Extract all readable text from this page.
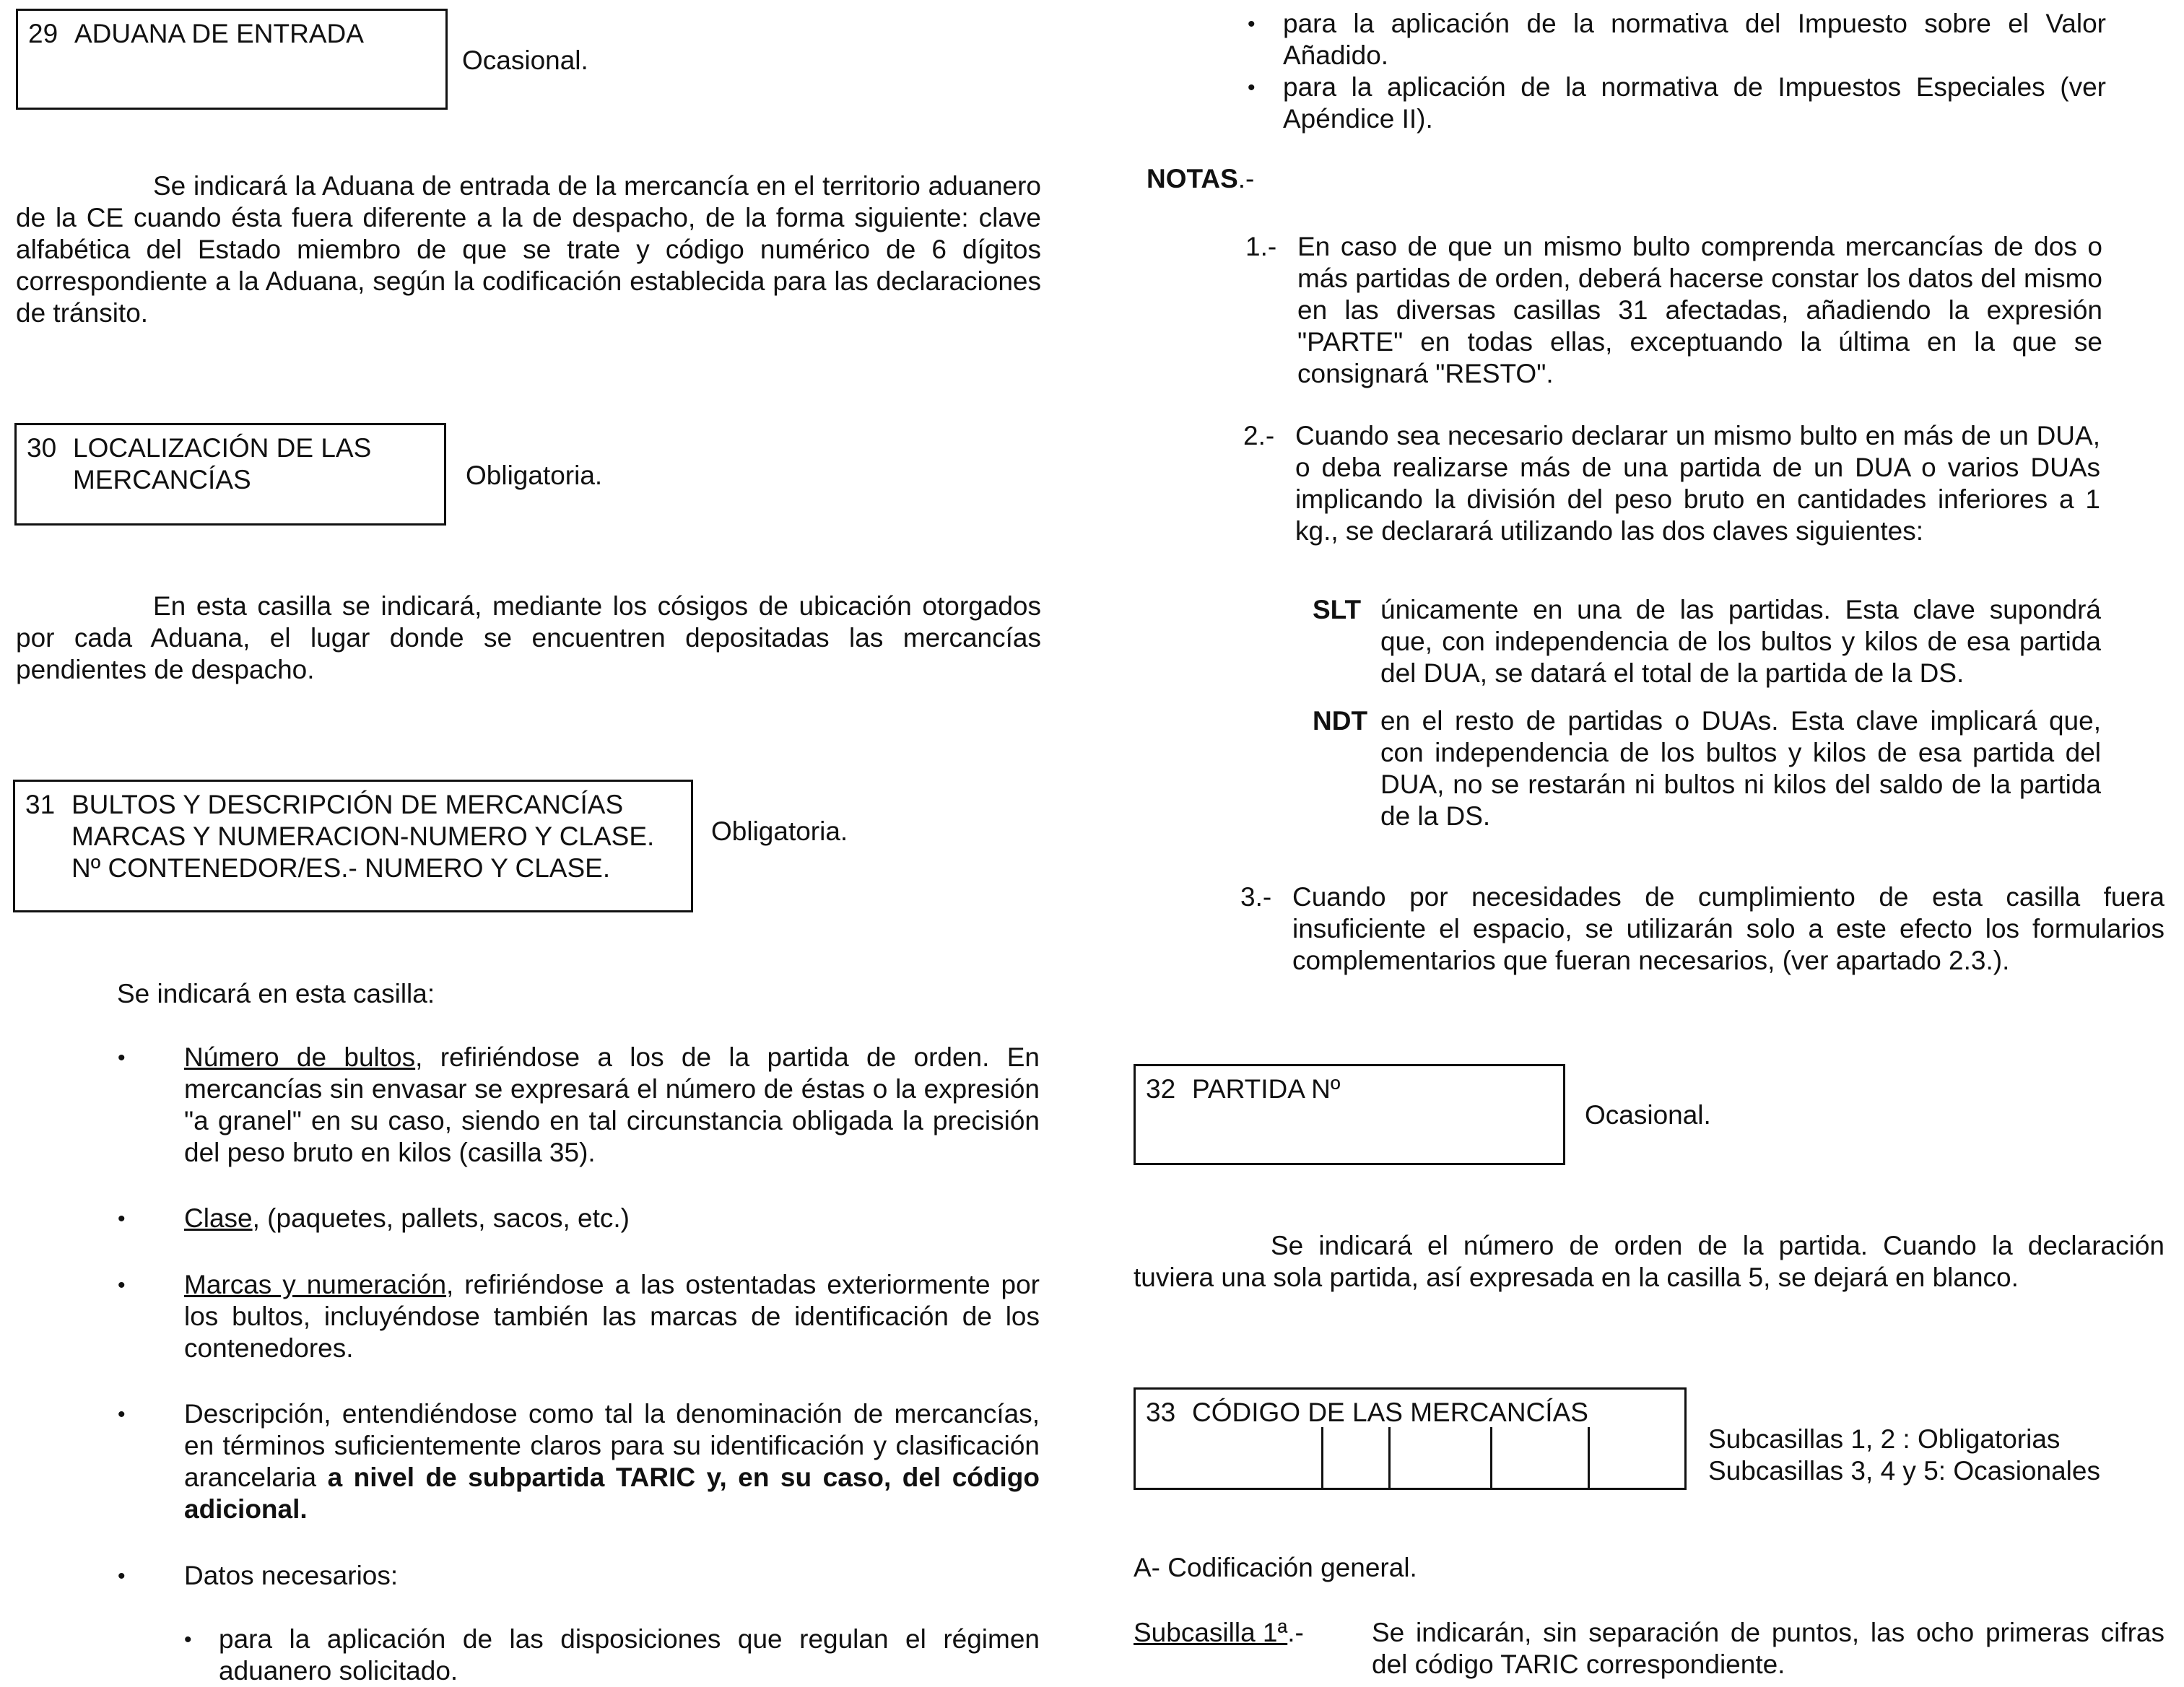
29 ADUANA DE ENTRADA
Ocasional.
Se indicará la Aduana de entrada de la mercancía en el territorio aduanero de la CE cuando ésta fuera diferente a la de despacho, de la forma siguiente: clave alfabética del Estado miembro de que se trate y código numérico de 6 dígitos correspondiente a la Aduana, según la codificación establecida para las declaraciones de tránsito.
30 LOCALIZACIÓN DE LAS
MERCANCÍAS	Obligatoria.
En esta casilla se indicará, mediante los cósigos de ubicación otorgados por cada Aduana, el lugar donde se encuentren depositadas las mercancías pendientes de despacho.
31 BULTOS Y DESCRIPCIÓN DE MERCANCÍAS
MARCAS Y NUMERACION-NUMERO Y CLASE.
Nº CONTENEDOR/ES.- NUMERO Y CLASE.
Obligatoria.
Se indicará en esta casilla:
• Número de bultos, refiriéndose a los de la partida de orden. En mercancías sin envasar se expresará el número de éstas o la expresión "a granel" en su caso, siendo en tal circunstancia obligada la precisión del peso bruto en kilos (casilla 35).
• Clase, (paquetes, pallets, sacos, etc.)
• Marcas y numeración, refiriéndose a las ostentadas exteriormente por los bultos, incluyéndose también las marcas de identificación de los contenedores.
• Descripción, entendiéndose como tal la denominación de mercancías, en términos suficientemente claros para su identificación y clasificación arancelaria a nivel de subpartida TARIC y, en su caso, del código adicional.
• Datos necesarios:
• para la aplicación de las disposiciones que regulan el régimen aduanero solicitado.
• para la aplicación de la normativa del Impuesto sobre el Valor Añadido.
• para la aplicación de la normativa de Impuestos Especiales (ver Apéndice II).
NOTAS.-
1.- En caso de que un mismo bulto comprenda mercancías de dos o más partidas de orden, deberá hacerse constar los datos del mismo en las diversas casillas 31 afectadas, añadiendo la expresión "PARTE" en todas ellas, exceptuando la última en la que se consignará "RESTO".
2.- Cuando sea necesario declarar un mismo bulto en más de un DUA, o deba realizarse más de una partida de un DUA o varios DUAs implicando la división del peso bruto en cantidades inferiores a 1 kg., se declarará utilizando las dos claves siguientes:
SLT únicamente en una de las partidas. Esta clave supondrá que, con independencia de los bultos y kilos de esa partida del DUA, se datará el total de la partida de la DS.
NDT en el resto de partidas o DUAs. Esta clave implicará que, con independencia de los bultos y kilos de esa partida del DUA, no se restarán ni bultos ni kilos del saldo de la partida de la DS.
3.- Cuando por necesidades de cumplimiento de esta casilla fuera insuficiente el espacio, se utilizarán solo a este efecto los formularios complementarios que fueran necesarios, (ver apartado 2.3.).
32 PARTIDA Nº
Ocasional.
Se indicará el número de orden de la partida. Cuando la declaración tuviera una sola partida, así expresada en la casilla 5, se dejará en blanco.
33 CÓDIGO DE LAS MERCANCÍAS
Subcasillas 1, 2 : Obligatorias
Subcasillas 3, 4 y 5: Ocasionales
A- Codificación general.
Subcasilla 1ª.-	Se indicarán, sin separación de puntos, las ocho primeras cifras del código TARIC correspondiente.
